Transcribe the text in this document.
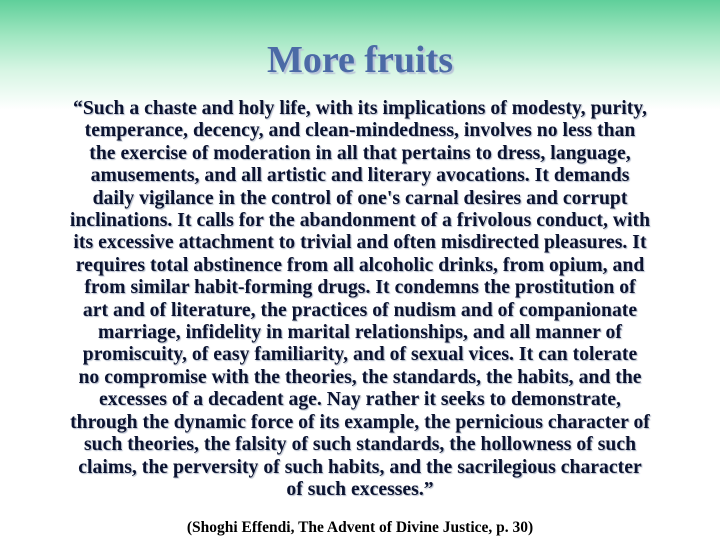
More fruits
“Such a chaste and holy life, with its implications of modesty, purity,
temperance, decency, and clean-mindedness, involves no less than
the exercise of moderation in all that pertains to dress, language,
amusements, and all artistic and literary avocations. It demands
daily vigilance in the control of one's carnal desires and corrupt
inclinations. It calls for the abandonment of a frivolous conduct, with
its excessive attachment to trivial and often misdirected pleasures. It
requires total abstinence from all alcoholic drinks, from opium, and
from similar habit-forming drugs. It condemns the prostitution of
art and of literature, the practices of nudism and of companionate
marriage, infidelity in marital relationships, and all manner of
promiscuity, of easy familiarity, and of sexual vices. It can tolerate
no compromise with the theories, the standards, the habits, and the
excesses of a decadent age. Nay rather it seeks to demonstrate,
through the dynamic force of its example, the pernicious character of
such theories, the falsity of such standards, the hollowness of such
claims, the perversity of such habits, and the sacrilegious character
of such excesses.”
(Shoghi Effendi, The Advent of Divine Justice, p. 30)
